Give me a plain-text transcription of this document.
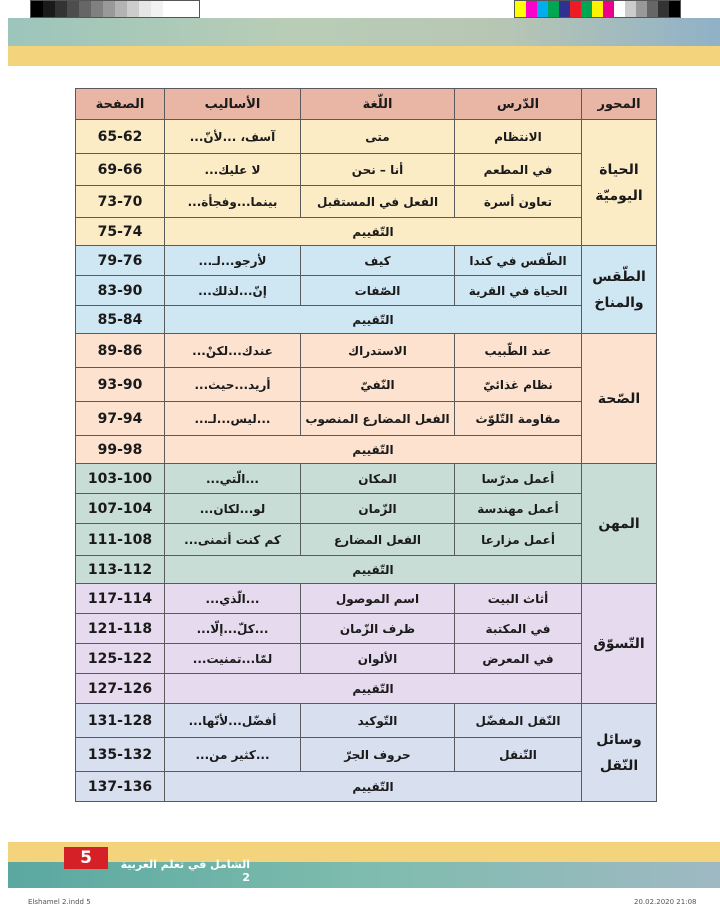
المحور	الدّرس	اللّغة	الأساليب	الصفحة

الحياة
اليوميّة	الانتظام	متى	آسف، ...لأنّ...	65-62
	في المطعم	أنا – نحن	لا عليك...	69-66
	تعاون أسرة	الفعل في المستقبل	بينما...وفجأة...	73-70
	التّقييم			75-74

الطّقس
والمناخ	الطّقس في كندا	كيف	لأرجو...لـ...	79-76
	الحياة في القرية	الصّفات	إنّ...لذلك...	83-90
	التّقييم			85-84

الصّحة	عند الطّبيب	الاستدراك	عندك...لكنْ...	89-86
	نظام غذائيّ	النّفيّ	أريد...حيث...	93-90
	مقاومة التّلوّث	الفعل المضارع المنصوب	...ليس...لـ...	97-94
	التّقييم			99-98

المهن	أعمل مدرّسا	المكان	...الّتي...	103-100
	أعمل مهندسة	الزّمان	لو...لكان...	107-104
	أعمل مزارعا	الفعل المضارع	كم كنت أتمنى...	111-108
	التّقييم			113-112

التّسوّق	أثاث البيت	اسم الموصول	...الّذي...	117-114
	في المكتبة	ظرف الزّمان	...كلّ...إلّا...	121-118
	في المعرض	الألوان	لمّا...تمنيت...	125-122
	التّقييم			127-126

وسائل
النّقل	النّقل المفضّل	التّوكيد	أفضّل...لأنّها...	131-128
	التّنقل	حروف الجرّ	...كثير من...	135-132
	التّقييم			137-136
5	الشامل في تعلم العربية 2
Elshamel 2.indd 5	20.02.2020 21:08
